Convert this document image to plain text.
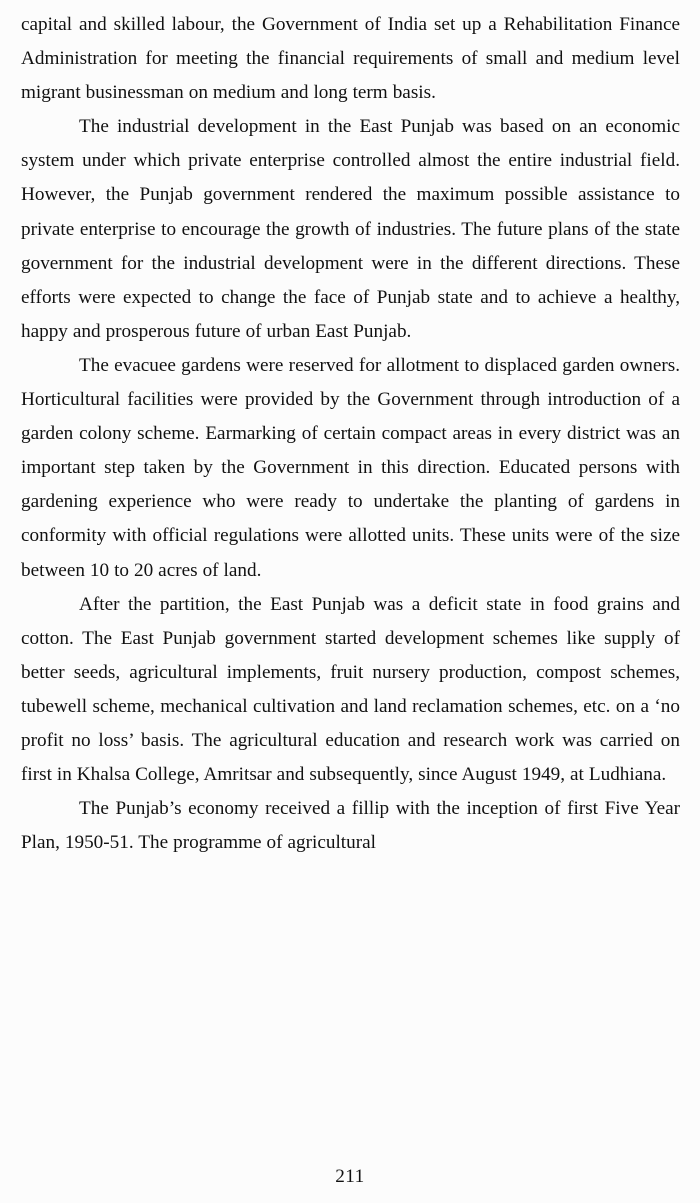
capital and skilled labour, the Government of India set up a Rehabilitation Finance Administration for meeting the financial requirements of small and medium level migrant businessman on medium and long term basis.

The industrial development in the East Punjab was based on an economic system under which private enterprise controlled almost the entire industrial field. However, the Punjab government rendered the maximum possible assistance to private enterprise to encourage the growth of industries. The future plans of the state government for the industrial development were in the different directions. These efforts were expected to change the face of Punjab state and to achieve a healthy, happy and prosperous future of urban East Punjab.

The evacuee gardens were reserved for allotment to displaced garden owners. Horticultural facilities were provided by the Government through introduction of a garden colony scheme. Earmarking of certain compact areas in every district was an important step taken by the Government in this direction. Educated persons with gardening experience who were ready to undertake the planting of gardens in conformity with official regulations were allotted units. These units were of the size between 10 to 20 acres of land.

After the partition, the East Punjab was a deficit state in food grains and cotton. The East Punjab government started development schemes like supply of better seeds, agricultural implements, fruit nursery production, compost schemes, tubewell scheme, mechanical cultivation and land reclamation schemes, etc. on a ‘no profit no loss’ basis. The agricultural education and research work was carried on first in Khalsa College, Amritsar and subsequently, since August 1949, at Ludhiana.

The Punjab’s economy received a fillip with the inception of first Five Year Plan, 1950-51. The programme of agricultural

211
